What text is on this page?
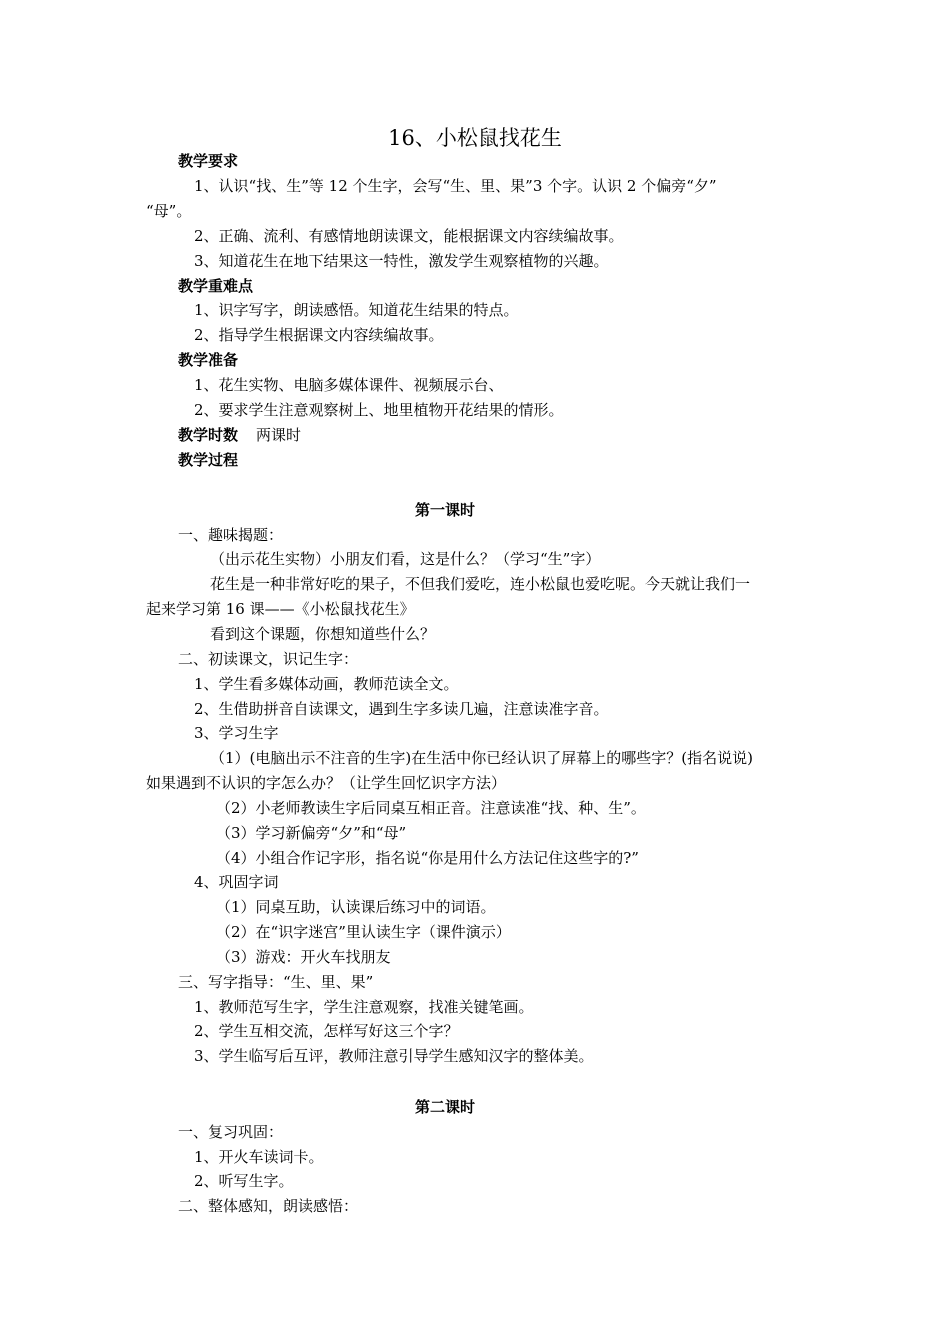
16、小松鼠找花生
教学要求
1、认识“找、生”等 12 个生字，会写“生、里、果”3 个字。认识 2 个偏旁“夕”
“母”。
2、正确、流利、有感情地朗读课文，能根据课文内容续编故事。
3、知道花生在地下结果这一特性，激发学生观察植物的兴趣。
教学重难点
1、识字写字，朗读感悟。知道花生结果的特点。
2、指导学生根据课文内容续编故事。
教学准备
1、花生实物、电脑多媒体课件、视频展示台、
2、要求学生注意观察树上、地里植物开花结果的情形。
教学时数 两课时
教学过程
第一课时
一、趣味揭题：
（出示花生实物）小朋友们看，这是什么？（学习“生”字）
花生是一种非常好吃的果子，不但我们爱吃，连小松鼠也爱吃呢。今天就让我们一
起来学习第 16 课——《小松鼠找花生》
看到这个课题，你想知道些什么？
二、初读课文，识记生字：
1、学生看多媒体动画，教师范读全文。
2、生借助拼音自读课文，遇到生字多读几遍，注意读准字音。
3、学习生字
（1）(电脑出示不注音的生字)在生活中你已经认识了屏幕上的哪些字？(指名说说)
如果遇到不认识的字怎么办？（让学生回忆识字方法）
（2）小老师教读生字后同桌互相正音。注意读准“找、种、生”。
（3）学习新偏旁“夕”和“母”
（4）小组合作记字形，指名说“你是用什么方法记住这些字的?”
4、巩固字词
（1）同桌互助，认读课后练习中的词语。
（2）在“识字迷宫”里认读生字（课件演示）
（3）游戏：开火车找朋友
三、写字指导：“生、里、果”
1、教师范写生字，学生注意观察，找准关键笔画。
2、学生互相交流，怎样写好这三个字？
3、学生临写后互评，教师注意引导学生感知汉字的整体美。
第二课时
一、复习巩固：
1、开火车读词卡。
2、听写生字。
二、整体感知，朗读感悟：
